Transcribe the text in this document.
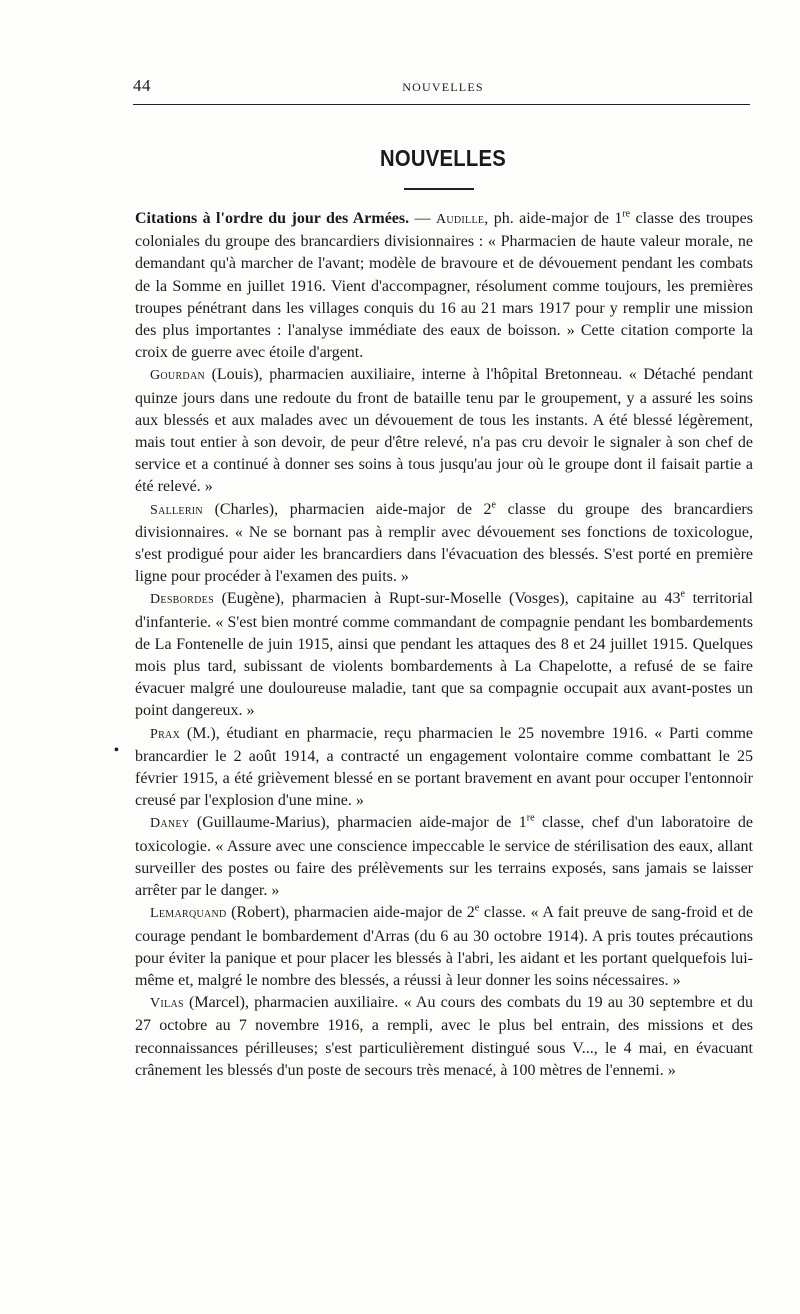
44	NOUVELLES
NOUVELLES
•

Citations à l'ordre du jour des Armées. — Audille, ph. aide-major de 1re classe des troupes coloniales du groupe des brancardiers divisionnaires : « Pharmacien de haute valeur morale, ne demandant qu'à marcher de l'avant; modèle de bravoure et de dévouement pendant les combats de la Somme en juillet 1916. Vient d'accompagner, résolument comme toujours, les premières troupes pénétrant dans les villages conquis du 16 au 21 mars 1917 pour y remplir une mission des plus importantes : l'analyse immédiate des eaux de boisson. » Cette citation comporte la croix de guerre avec étoile d'argent.

Gourdan (Louis), pharmacien auxiliaire, interne à l'hôpital Bretonneau. « Détaché pendant quinze jours dans une redoute du front de bataille tenu par le groupement, y a assuré les soins aux blessés et aux malades avec un dévouement de tous les instants. A été blessé légèrement, mais tout entier à son devoir, de peur d'être relevé, n'a pas cru devoir le signaler à son chef de service et a continué à donner ses soins à tous jusqu'au jour où le groupe dont il faisait partie a été relevé. »

Sallerin (Charles), pharmacien aide-major de 2e classe du groupe des brancardiers divisionnaires. « Ne se bornant pas à remplir avec dévouement ses fonctions de toxicologue, s'est prodigué pour aider les brancardiers dans l'évacuation des blessés. S'est porté en première ligne pour procéder à l'examen des puits. »

Desbordes (Eugène), pharmacien à Rupt-sur-Moselle (Vosges), capitaine au 43e territorial d'infanterie. « S'est bien montré comme commandant de compagnie pendant les bombardements de La Fontenelle de juin 1915, ainsi que pendant les attaques des 8 et 24 juillet 1915. Quelques mois plus tard, subissant de violents bombardements à La Chapelotte, a refusé de se faire évacuer malgré une douloureuse maladie, tant que sa compagnie occupait aux avant-postes un point dangereux. »

Prax (M.), étudiant en pharmacie, reçu pharmacien le 25 novembre 1916. « Parti comme brancardier le 2 août 1914, a contracté un engagement volontaire comme combattant le 25 février 1915, a été grièvement blessé en se portant bravement en avant pour occuper l'entonnoir creusé par l'explosion d'une mine. »

Daney (Guillaume-Marius), pharmacien aide-major de 1re classe, chef d'un laboratoire de toxicologie. « Assure avec une conscience impeccable le service de stérilisation des eaux, allant surveiller des postes ou faire des prélèvements sur les terrains exposés, sans jamais se laisser arrêter par le danger. »

Lemarquand (Robert), pharmacien aide-major de 2e classe. « A fait preuve de sang-froid et de courage pendant le bombardement d'Arras (du 6 au 30 octobre 1914). A pris toutes précautions pour éviter la panique et pour placer les blessés à l'abri, les aidant et les portant quelquefois lui-même et, malgré le nombre des blessés, a réussi à leur donner les soins nécessaires. »

Vilas (Marcel), pharmacien auxiliaire. « Au cours des combats du 19 au 30 septembre et du 27 octobre au 7 novembre 1916, a rempli, avec le plus bel entrain, des missions et des reconnaissances périlleuses; s'est particulièrement distingué sous V..., le 4 mai, en évacuant crânement les blessés d'un poste de secours très menacé, à 100 mètres de l'ennemi. »
